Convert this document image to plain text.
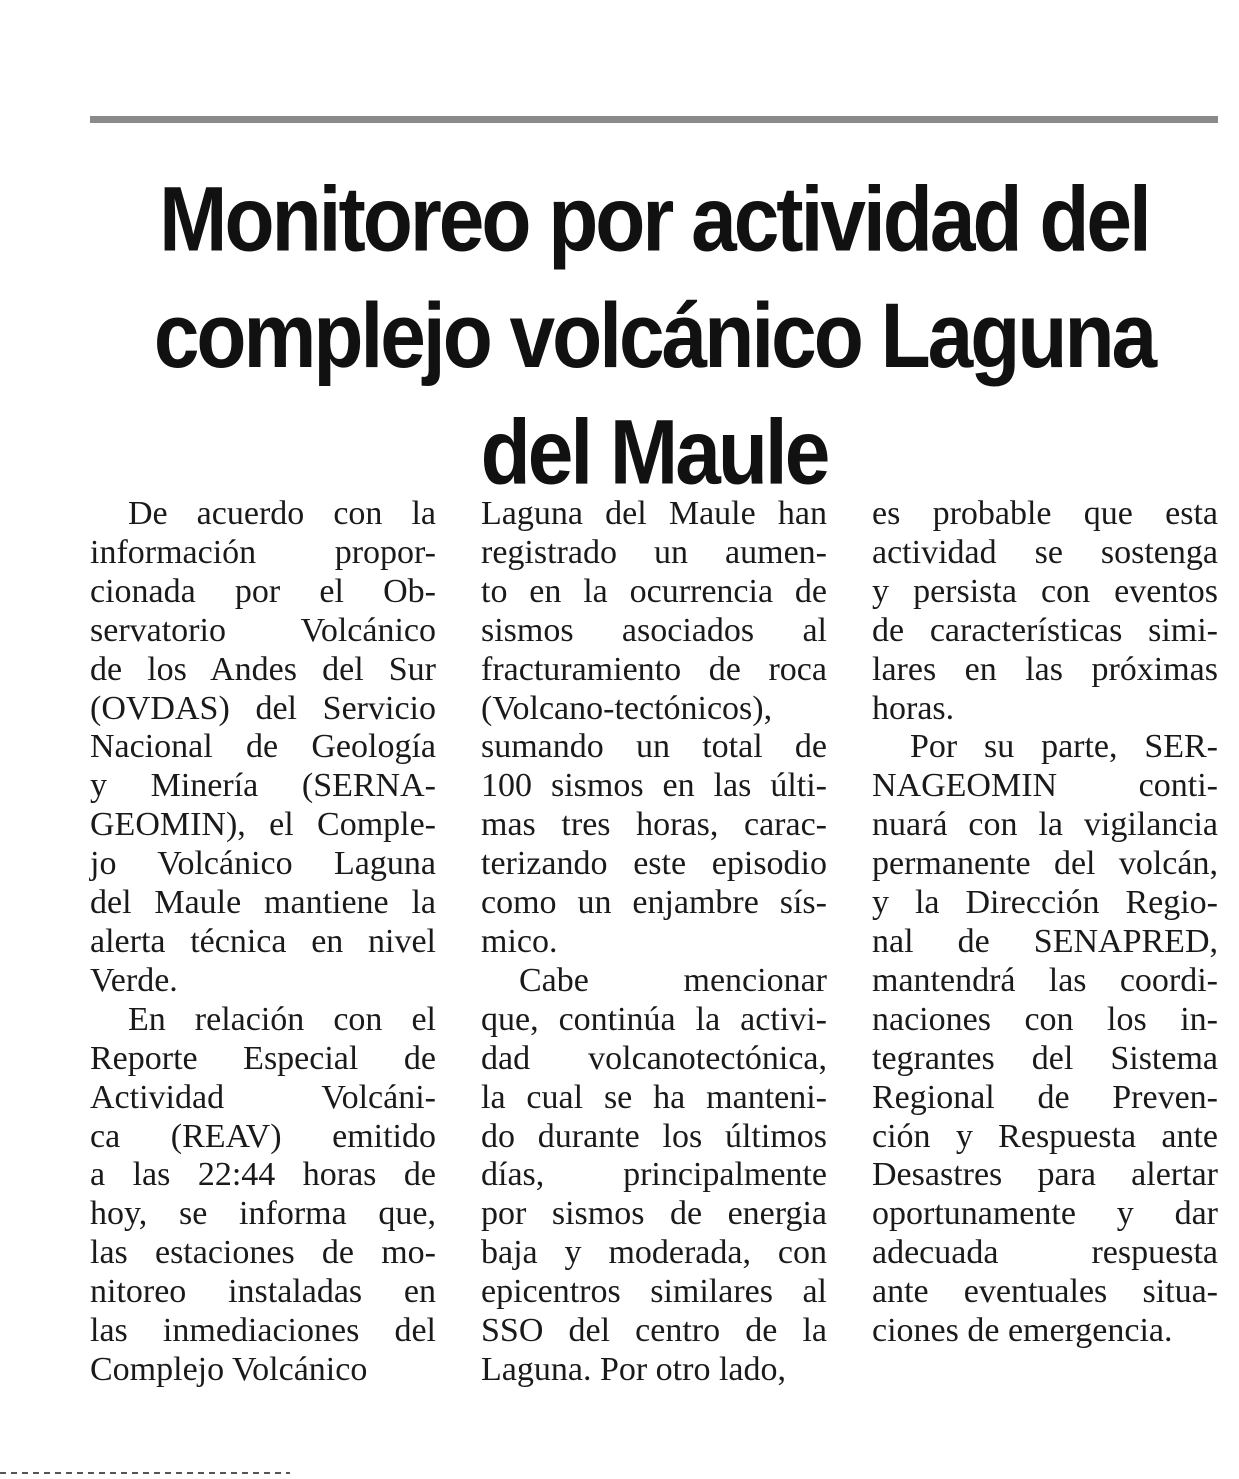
Monitoreo por actividad del
complejo volcánico Laguna
del Maule

De acuerdo con la
información propor-
cionada por el Ob-
servatorio Volcánico
de los Andes del Sur
(OVDAS) del Servicio
Nacional de Geología
y Minería (SERNA-
GEOMIN), el Comple-
jo Volcánico Laguna
del Maule mantiene la
alerta técnica en nivel
Verde.

En relación con el
Reporte Especial de
Actividad Volcáni-
ca (REAV) emitido
a las 22:44 horas de
hoy, se informa que,
las estaciones de mo-
nitoreo instaladas en
las inmediaciones del
Complejo Volcánico

Laguna del Maule han
registrado un aumen-
to en la ocurrencia de
sismos asociados al
fracturamiento de roca
(Volcano-tectónicos),
sumando un total de
100 sismos en las últi-
mas tres horas, carac-
terizando este episodio
como un enjambre sís-
mico.

Cabe mencionar
que, continúa la activi-
dad volcanotectónica,
la cual se ha manteni-
do durante los últimos
días, principalmente
por sismos de energia
baja y moderada, con
epicentros similares al
SSO del centro de la
Laguna. Por otro lado,

es probable que esta
actividad se sostenga
y persista con eventos
de características simi-
lares en las próximas
horas.

Por su parte, SER-
NAGEOMIN conti-
nuará con la vigilancia
permanente del volcán,
y la Dirección Regio-
nal de SENAPRED,
mantendrá las coordi-
naciones con los in-
tegrantes del Sistema
Regional de Preven-
ción y Respuesta ante
Desastres para alertar
oportunamente y dar
adecuada respuesta
ante eventuales situa-
ciones de emergencia.
